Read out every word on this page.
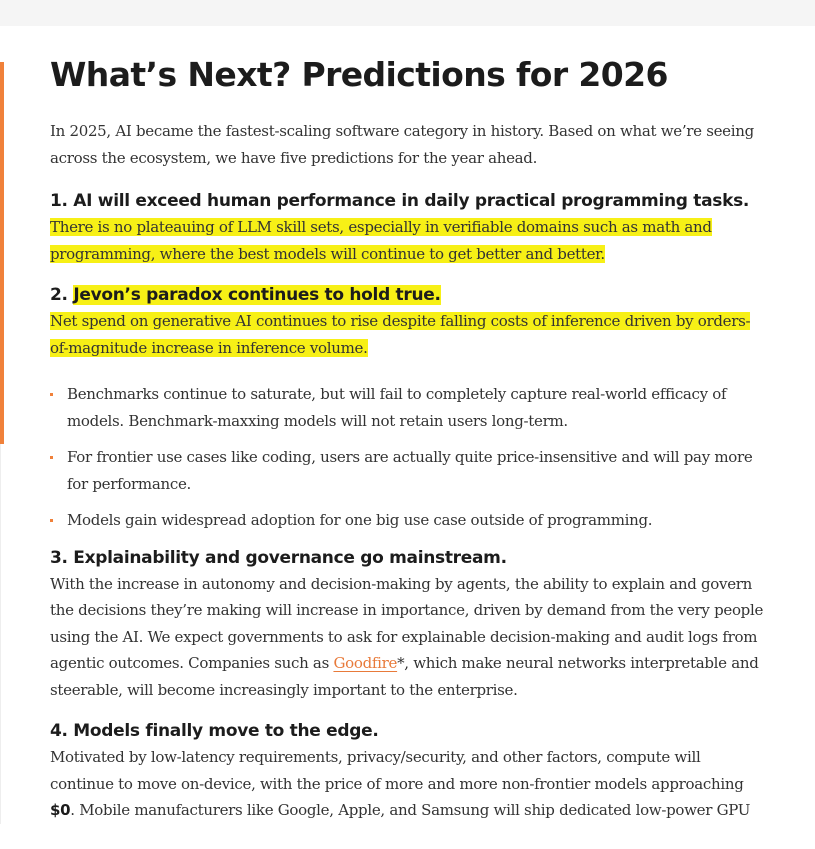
What’s Next? Predictions for 2026

In 2025, AI became the fastest-scaling software category in history. Based on what we’re seeing across the ecosystem, we have five predictions for the year ahead.

1. AI will exceed human performance in daily practical programming tasks.

There is no plateauing of LLM skill sets, especially in verifiable domains such as math and programming, where the best models will continue to get better and better.

2. Jevon’s paradox continues to hold true.

Net spend on generative AI continues to rise despite falling costs of inference driven by orders-of-magnitude increase in inference volume.

Benchmarks continue to saturate, but will fail to completely capture real-world efficacy of models. Benchmark-maxxing models will not retain users long-term.
For frontier use cases like coding, users are actually quite price-insensitive and will pay more for performance.
Models gain widespread adoption for one big use case outside of programming.
3. Explainability and governance go mainstream.

With the increase in autonomy and decision-making by agents, the ability to explain and govern the decisions they’re making will increase in importance, driven by demand from the very people using the AI. We expect governments to ask for explainable decision-making and audit logs from agentic outcomes. Companies such as Goodfire*, which make neural networks interpretable and steerable, will become increasingly important to the enterprise.

4. Models finally move to the edge.

Motivated by low-latency requirements, privacy/security, and other factors, compute will continue to move on-device, with the price of more and more non-frontier models approaching $0. Mobile manufacturers like Google, Apple, and Samsung will ship dedicated low-power GPU
